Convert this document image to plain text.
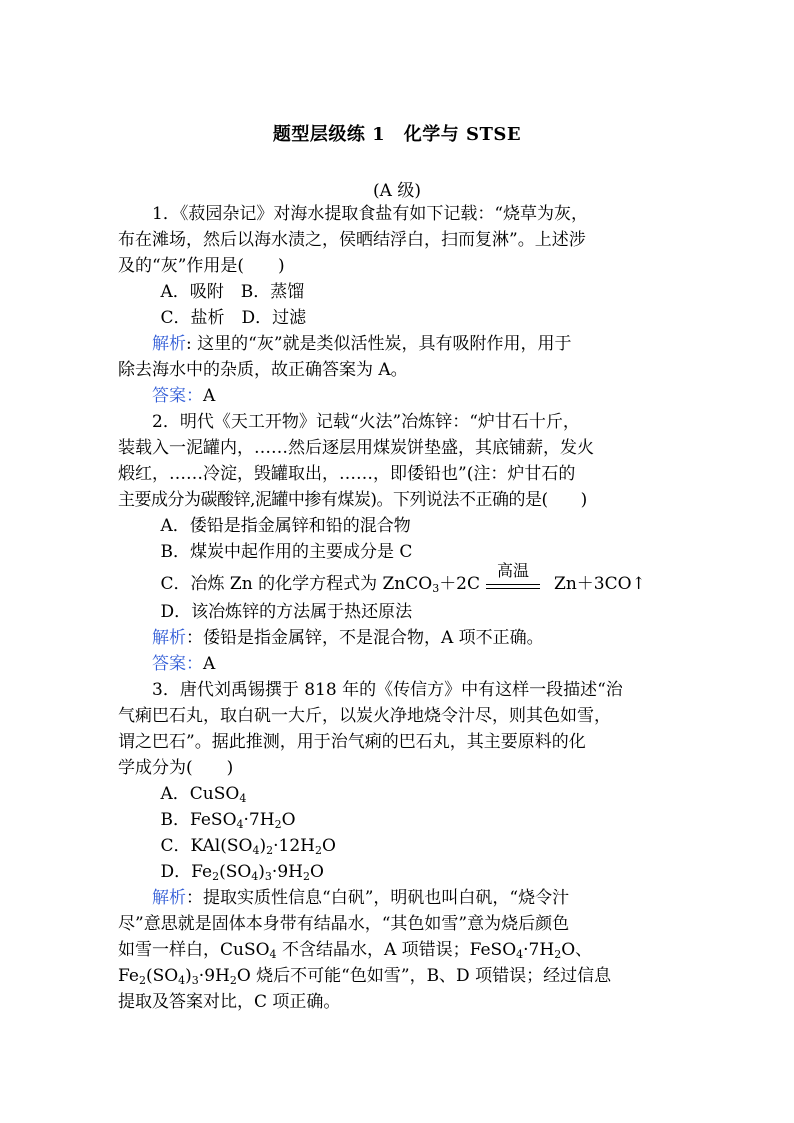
题型层级练 1　化学与 STSE
(A 级)

1．《菽园杂记》对海水提取食盐有如下记载：“烧草为灰，

布在滩场，然后以海水渍之，侯晒结浮白，扫而复淋”。上述涉

及的“灰”作用是(　　)

A．吸附　B．蒸馏

C．盐析　D．过滤

解析: 这里的“灰”就是类似活性炭，具有吸附作用，用于

除去海水中的杂质，故正确答案为 A。

答案：A

2．明代《天工开物》记载“火法”冶炼锌：“炉甘石十斤，

装载入一泥罐内，……然后逐层用煤炭饼垫盛，其底铺薪，发火

煅红，……冷淀，毁罐取出，……，即倭铅也”(注：炉甘石的

主要成分为碳酸锌,泥罐中掺有煤炭)。下列说法不正确的是(　　)

A．倭铅是指金属锌和铅的混合物

B．煤炭中起作用的主要成分是 C

C．冶炼 Zn 的化学方程式为 ZnCO$_3$＋2C
高温
Zn＋3CO↑

D．该冶炼锌的方法属于热还原法

解析：倭铅是指金属锌，不是混合物，A 项不正确。

答案：A

3．唐代刘禹锡撰于 818 年的《传信方》中有这样一段描述“治

气痢巴石丸，取白矾一大斤，以炭火净地烧令汁尽，则其色如雪，

谓之巴石”。据此推测，用于治气痢的巴石丸，其主要原料的化

学成分为(　　)

A．CuSO$_4$

B．$FeSO_4\cdot 7H_2O$

C．$KAl(SO_4)_2\cdot 12H_2O$

D．$Fe_2(SO_4)_3\cdot 9H_2O$

解析：提取实质性信息“白矾”，明矾也叫白矾，“烧令汁

尽”意思就是固体本身带有结晶水，“其色如雪”意为烧后颜色

如雪一样白，CuSO$_4$ 不含结晶水，A 项错误；$FeSO_4\cdot 7H_2O$、

$Fe_2(SO_4)_3\cdot 9H_2O$ 烧后不可能“色如雪”，B、D 项错误；经过信息

提取及答案对比，C 项正确。
